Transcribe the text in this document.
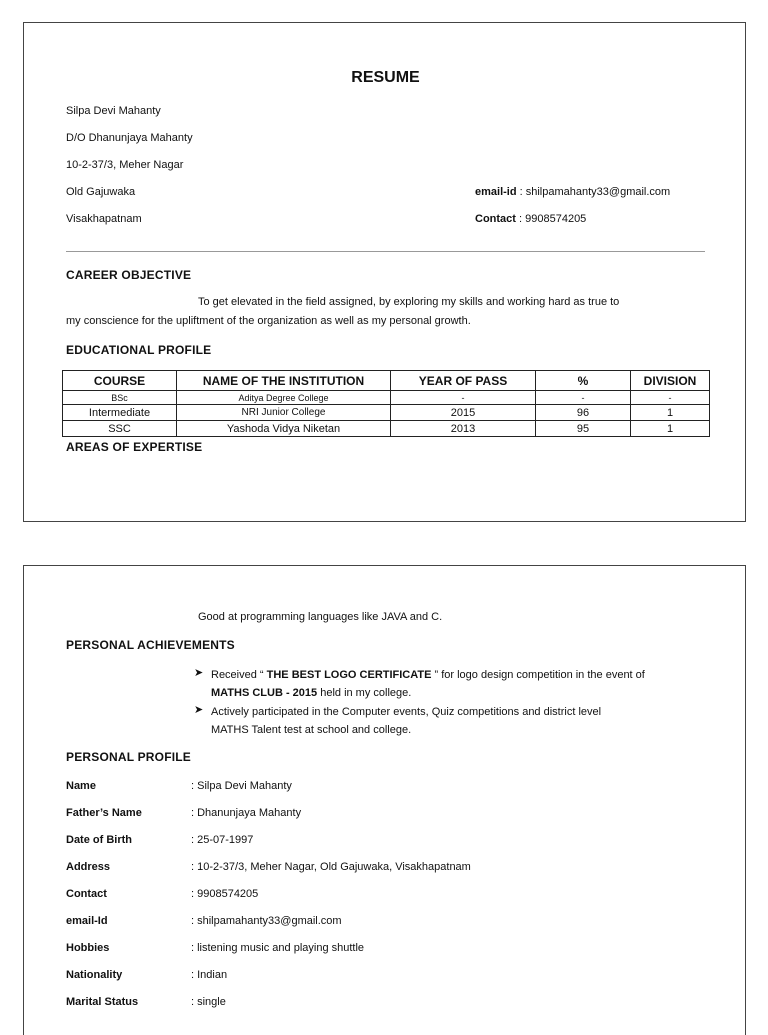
RESUME
Silpa Devi Mahanty
D/O Dhanunjaya Mahanty
10-2-37/3, Meher Nagar
Old Gajuwaka
Visakhapatnam
email-id : shilpamahanty33@gmail.com
Contact : 9908574205
CAREER OBJECTIVE
To get elevated in the field assigned, by exploring my skills and working hard as true to
my conscience for the upliftment of the organization as well as my personal growth.
EDUCATIONAL PROFILE
COURSE	NAME OF THE INSTITUTION	YEAR OF PASS	%	DIVISION
BSc	Aditya Degree College	-	-	-
Intermediate	NRI Junior College	2015	96	1
SSC	Yashoda Vidya Niketan	2013	95	1
AREAS OF EXPERTISE
Good at programming languages like JAVA and C.
PERSONAL ACHIEVEMENTS
➤ Received “ THE BEST LOGO CERTIFICATE ” for logo design competition in the event of
MATHS CLUB - 2015 held in my college.
➤ Actively participated in the Computer events, Quiz competitions and district level
MATHS Talent test at school and college.
PERSONAL PROFILE
Name	: Silpa Devi Mahanty
Father’s Name	: Dhanunjaya Mahanty
Date of Birth	: 25-07-1997
Address	: 10-2-37/3, Meher Nagar, Old Gajuwaka, Visakhapatnam
Contact	: 9908574205
email-Id	: shilpamahanty33@gmail.com
Hobbies	: listening music and playing shuttle
Nationality	: Indian
Marital Status	: single
